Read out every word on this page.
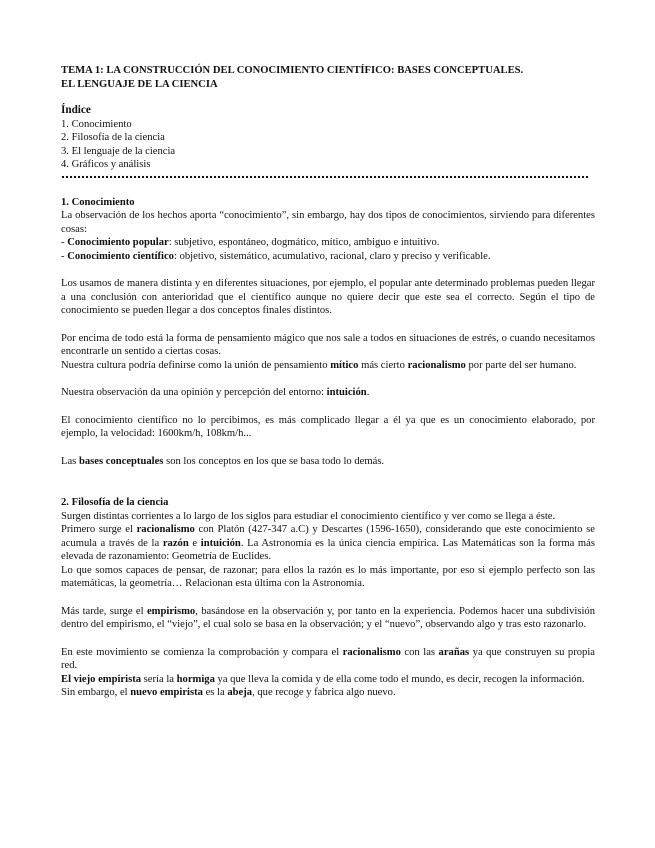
TEMA 1: LA CONSTRUCCIÓN DEL CONOCIMIENTO CIENTÍFICO: BASES CONCEPTUALES.
EL LENGUAJE DE LA CIENCIA
Índice
1. Conocimiento
2. Filosofía de la ciencia
3. El lenguaje de la ciencia
4. Gráficos y análisis
1. Conocimiento

La observación de los hechos aporta “conocimiento”, sin embargo, hay dos tipos de conocimientos, sirviendo para diferentes cosas:

- Conocimiento popular: subjetivo, espontáneo, dogmático, mítico, ambiguo e intuitivo.

- Conocimiento científico: objetivo, sistemático, acumulativo, racional, claro y preciso y verificable.

Los usamos de manera distinta y en diferentes situaciones, por ejemplo, el popular ante determinado problemas pueden llegar a una conclusión con anterioridad que el científico aunque no quiere decir que este sea el correcto. Según el tipo de conocimiento se pueden llegar a dos conceptos finales distintos.

Por encima de todo está la forma de pensamiento mágico que nos sale a todos en situaciones de estrés, o cuando necesitamos encontrarle un sentido a ciertas cosas.

Nuestra cultura podría definirse como la unión de pensamiento mítico más cierto racionalismo por parte del ser humano.

Nuestra observación da una opinión y percepción del entorno: intuición.

El conocimiento científico no lo percibimos, es más complicado llegar a él ya que es un conocimiento elaborado, por ejemplo, la velocidad: 1600km/h, 108km/h...

Las bases conceptuales son los conceptos en los que se basa todo lo demás.

2. Filosofía de la ciencia

Surgen distintas corrientes a lo largo de los siglos para estudiar el conocimiento científico y ver como se llega a éste.

Primero surge el racionalismo con Platón (427-347 a.C) y Descartes (1596-1650), considerando que este conocimiento se acumula a través de la razón e intuición. La Astronomía es la única ciencia empírica. Las Matemáticas son la forma más elevada de razonamiento: Geometría de Euclides.

Lo que somos capaces de pensar, de razonar; para ellos la razón es lo más importante, por eso si ejemplo perfecto son las matemáticas, la geometría… Relacionan esta última con la Astronomía.

Más tarde, surge el empirismo, basándose en la observación y, por tanto en la experiencia. Podemos hacer una subdivisión dentro del empirismo, el “viejo”, el cual solo se basa en la observación; y el “nuevo”, observando algo y tras esto razonarlo.

En este movimiento se comienza la comprobación y compara el racionalismo con las arañas ya que construyen su propia red.

El viejo empirista sería la hormiga ya que lleva la comida y de ella come todo el mundo, es decir, recogen la información.

Sin embargo, el nuevo empirista es la abeja, que recoge y fabrica algo nuevo.
